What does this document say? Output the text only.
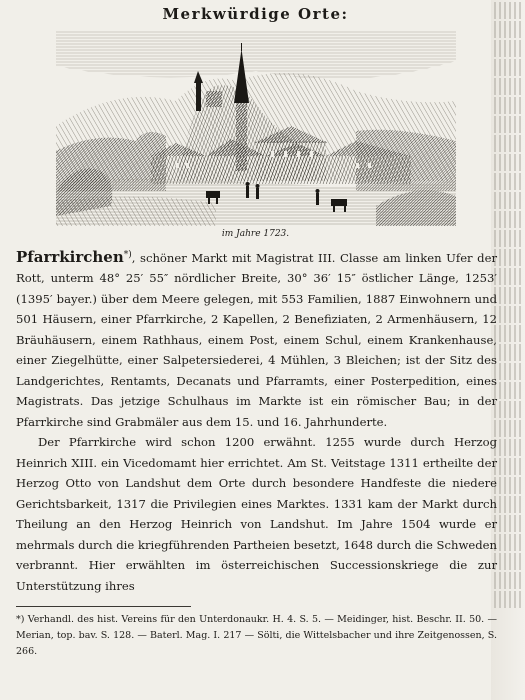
Merkwürdige Orte:
im Jahre 1723.

Pfarrkirchen*), schöner Markt mit Magistrat III. Classe am linken Ufer der Rott, unterm 48° 25′ 55″ nördlicher Breite, 30° 36′ 15″ östlicher Länge, 1253′ (1395′ bayer.) über dem Meere gelegen, mit 553 Familien, 1887 Einwohnern und 501 Häusern, einer Pfarrkirche, 2 Kapellen, 2 Benefiziaten, 2 Armenhäusern, 12 Bräuhäusern, einem Rathhaus, einem Post, einem Schul, einem Krankenhause, einer Ziegelhütte, einer Salpetersiederei, 4 Mühlen, 3 Bleichen; ist der Sitz des Landgerichtes, Rentamts, Decanats und Pfarramts, einer Posterpedition, eines Magistrats. Das jetzige Schulhaus im Markte ist ein römischer Bau; in der Pfarrkirche sind Grabmäler aus dem 15. und 16. Jahrhunderte.

Der Pfarrkirche wird schon 1200 erwähnt. 1255 wurde durch Herzog Heinrich XIII. ein Vicedomamt hier errichtet. Am St. Veitstage 1311 ertheilte der Herzog Otto von Landshut dem Orte durch besondere Handfeste die niedere Gerichtsbarkeit, 1317 die Privilegien eines Marktes. 1331 kam der Markt durch Theilung an den Herzog Heinrich von Landshut. Im Jahre 1504 wurde er mehrmals durch die kriegführenden Partheien besetzt, 1648 durch die Schweden verbrannt. Hier erwählten im österreichischen Successionskriege die zur Unterstützung ihres

*) Verhandl. des hist. Vereins für den Unterdonaukr. H. 4. S. 5. — Meidinger, hist. Beschr. II. 50. — Merian, top. bav. S. 128. — Baterl. Mag. I. 217 — Sölti, die Wittelsbacher und ihre Zeitgenossen, S. 266.
